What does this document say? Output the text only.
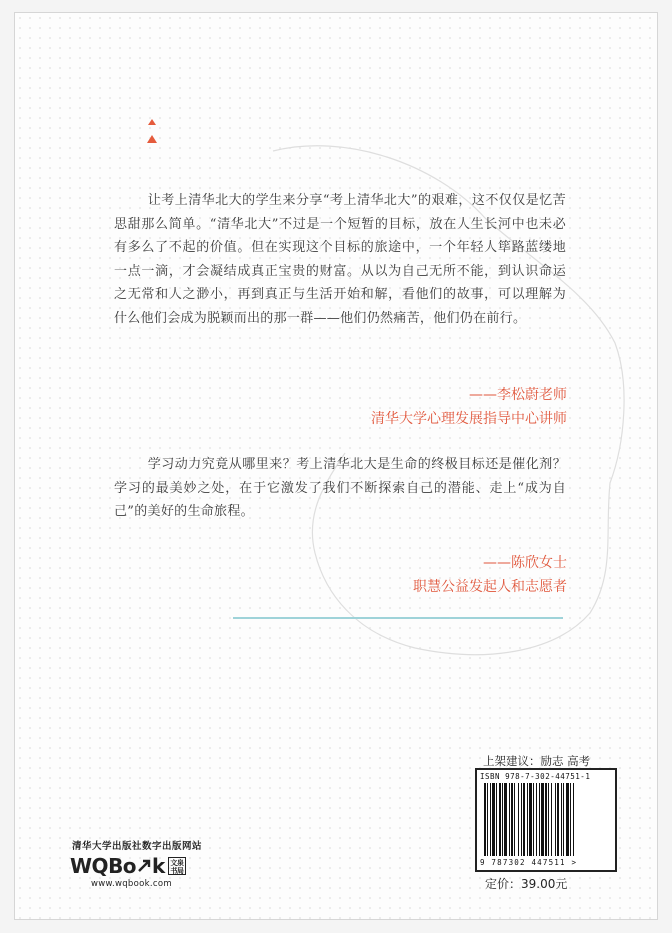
让考上清华北大的学生来分享“考上清华北大”的艰难，这不仅仅是忆苦思甜那么简单。“清华北大”不过是一个短暂的目标，放在人生长河中也未必有多么了不起的价值。但在实现这个目标的旅途中，一个年轻人筚路蓝缕地一点一滴，才会凝结成真正宝贵的财富。从以为自己无所不能，到认识命运之无常和人之渺小，再到真正与生活开始和解，看他们的故事，可以理解为什么他们会成为脱颖而出的那一群——他们仍然痛苦，他们仍在前行。
——李松蔚老师
清华大学心理发展指导中心讲师
学习动力究竟从哪里来？考上清华北大是生命的终极目标还是催化剂？学习的最美妙之处，在于它激发了我们不断探索自己的潜能、走上“成为自己”的美好的生命旅程。
——陈欣女士
职慧公益发起人和志愿者
上架建议：励志 高考
ISBN 978-7-302-44751-1
9 787302 447511 >
定价：39.00元
清华大学出版社数字出版网站
WQBo k 文泉书局
www.wqbook.com
